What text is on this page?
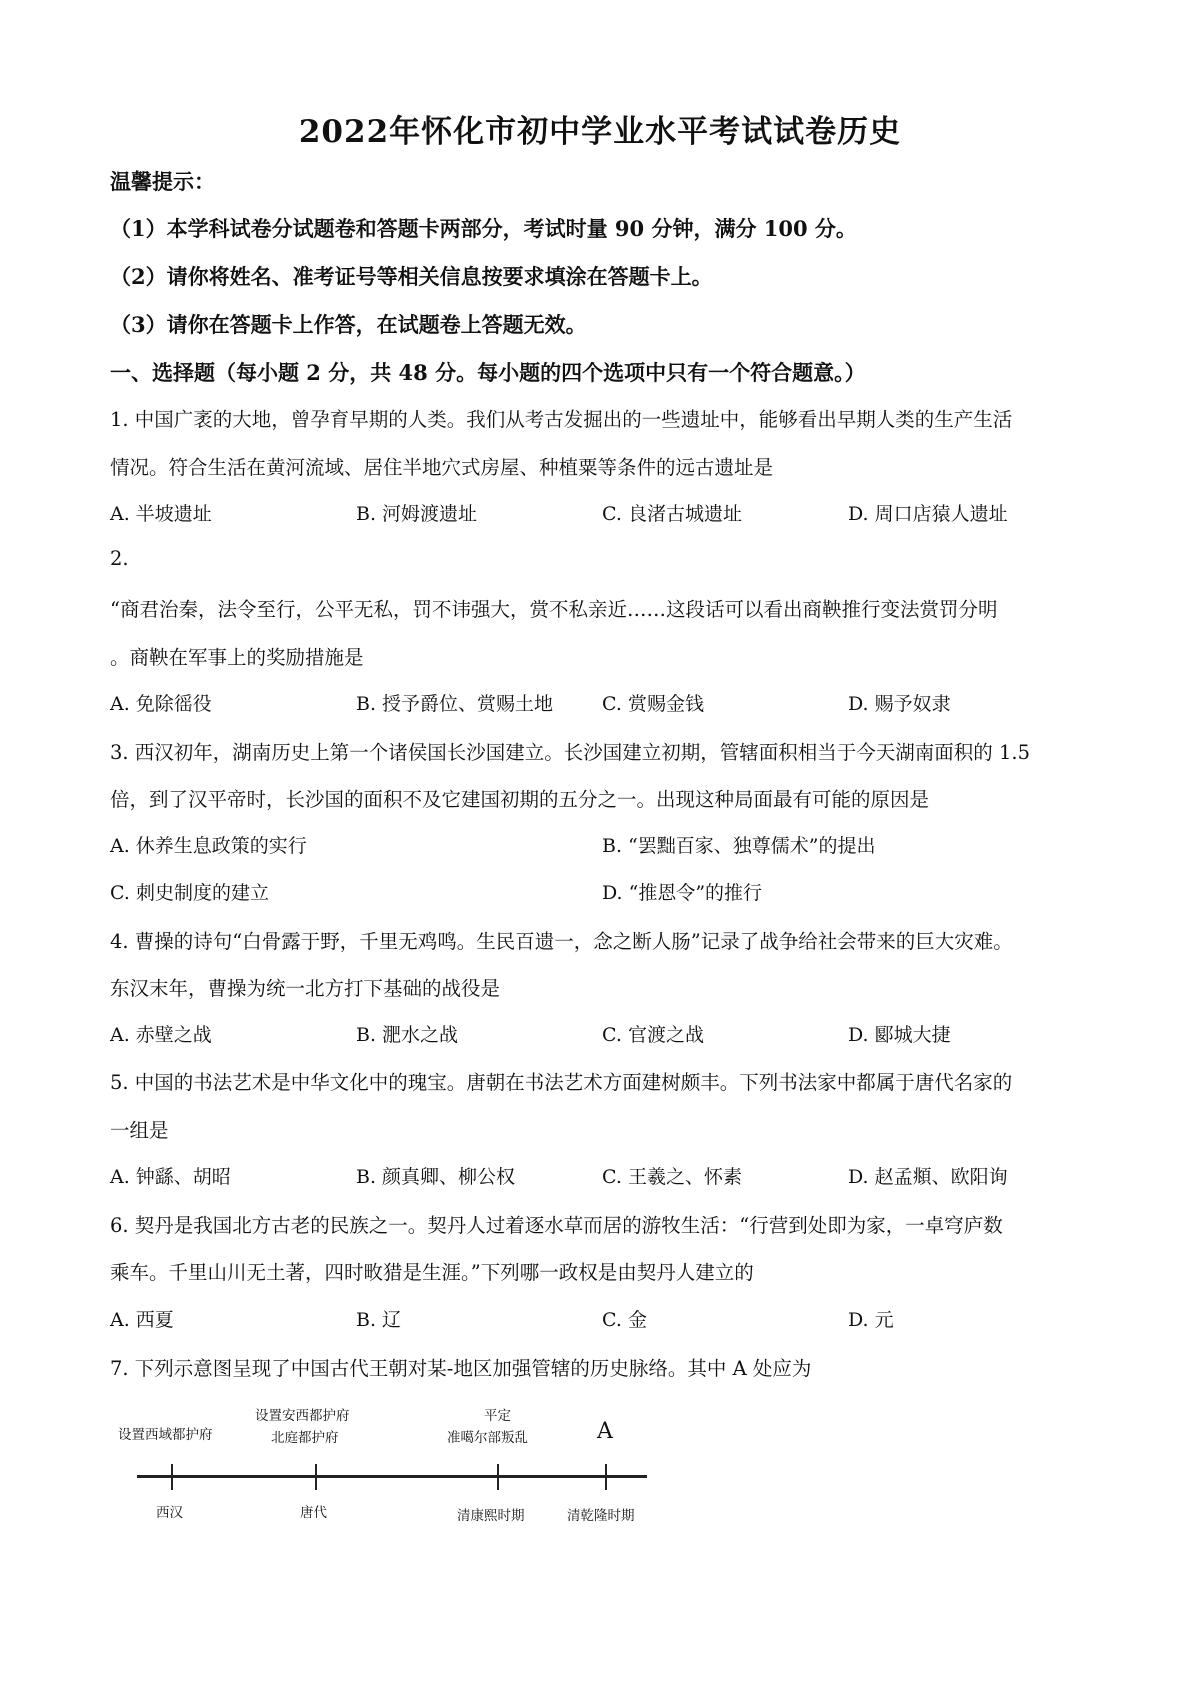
2022年怀化市初中学业水平考试试卷历史
温馨提示：
（1）本学科试卷分试题卷和答题卡两部分，考试时量 90 分钟，满分 100 分。
（2）请你将姓名、准考证号等相关信息按要求填涂在答题卡上。
（3）请你在答题卡上作答，在试题卷上答题无效。
一、选择题（每小题 2 分，共 48 分。每小题的四个选项中只有一个符合题意。）
1. 中国广袤的大地，曾孕育早期的人类。我们从考古发掘出的一些遗址中，能够看出早期人类的生产生活
情况。符合生活在黄河流域、居住半地穴式房屋、种植粟等条件的远古遗址是
A. 半坡遗址	B. 河姆渡遗址	C. 良渚古城遗址	D. 周口店猿人遗址
2.
“商君治秦，法令至行，公平无私，罚不讳强大，赏不私亲近……这段话可以看出商鞅推行变法赏罚分明
。商鞅在军事上的奖励措施是
A. 免除徭役	B. 授予爵位、赏赐土地	C. 赏赐金钱	D. 赐予奴隶
3. 西汉初年，湖南历史上第一个诸侯国长沙国建立。长沙国建立初期，管辖面积相当于今天湖南面积的 1.5
倍，到了汉平帝时，长沙国的面积不及它建国初期的五分之一。出现这种局面最有可能的原因是
A. 休养生息政策的实行	B. “罢黜百家、独尊儒术”的提出
C. 刺史制度的建立	D. “推恩令”的推行
4. 曹操的诗句“白骨露于野，千里无鸡鸣。生民百遗一，念之断人肠”记录了战争给社会带来的巨大灾难。
东汉末年，曹操为统一北方打下基础的战役是
A. 赤壁之战	B. 淝水之战	C. 官渡之战	D. 郾城大捷
5. 中国的书法艺术是中华文化中的瑰宝。唐朝在书法艺术方面建树颇丰。下列书法家中都属于唐代名家的
一组是
A. 钟繇、胡昭	B. 颜真卿、柳公权	C. 王羲之、怀素	D. 赵孟頫、欧阳询
6. 契丹是我国北方古老的民族之一。契丹人过着逐水草而居的游牧生活：“行营到处即为家，一卓穹庐数
乘车。千里山川无土著，四时畋猎是生涯。”下列哪一政权是由契丹人建立的
A. 西夏	B. 辽	C. 金	D. 元
7. 下列示意图呈现了中国古代王朝对某-地区加强管辖的历史脉络。其中 A 处应为
设置西域都护府
设置安西都护府
北庭都护府
平定
准噶尔部叛乱	A
西汉	唐代	清康熙时期	清乾隆时期
